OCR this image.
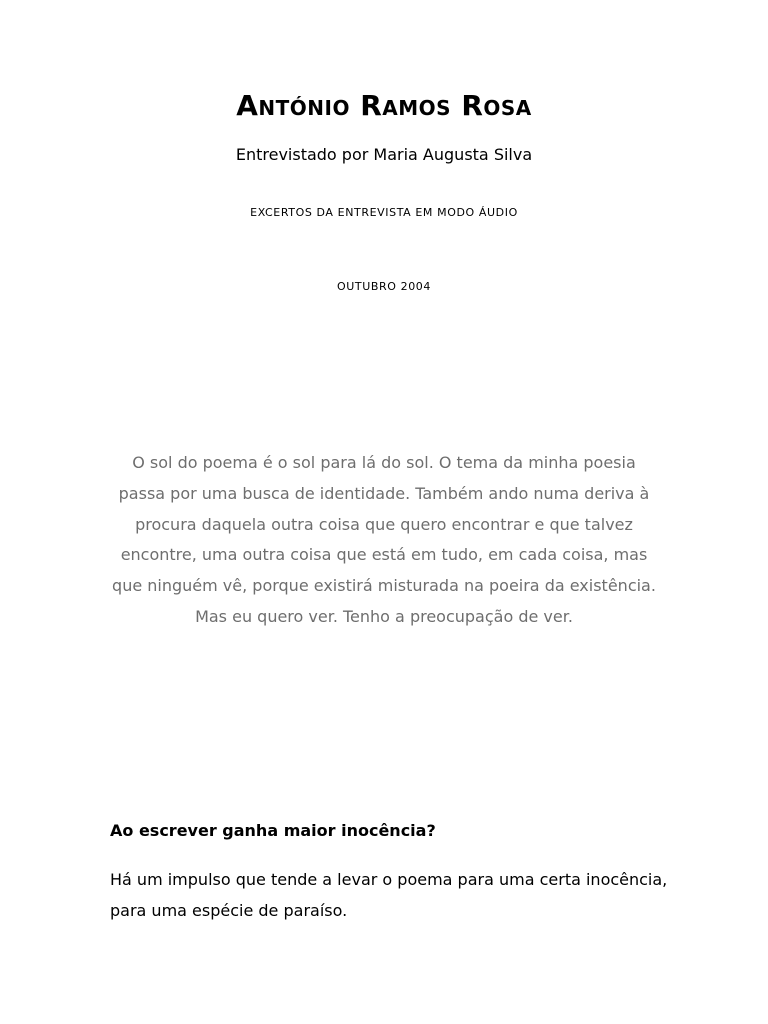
António Ramos Rosa

Entrevistado por Maria Augusta Silva

EXCERTOS DA ENTREVISTA EM MODO ÁUDIO

OUTUBRO 2004

O sol do poema é o sol para lá do sol. O tema da minha poesia passa por uma busca de identidade. Também ando numa deriva à procura daquela outra coisa que quero encontrar e que talvez encontre, uma outra coisa que está em tudo, em cada coisa, mas que ninguém vê, porque existirá misturada na poeira da existência. Mas eu quero ver. Tenho a preocupação de ver.

Ao escrever ganha maior inocência?

Há um impulso que tende a levar o poema para uma certa inocência, para uma espécie de paraíso.
